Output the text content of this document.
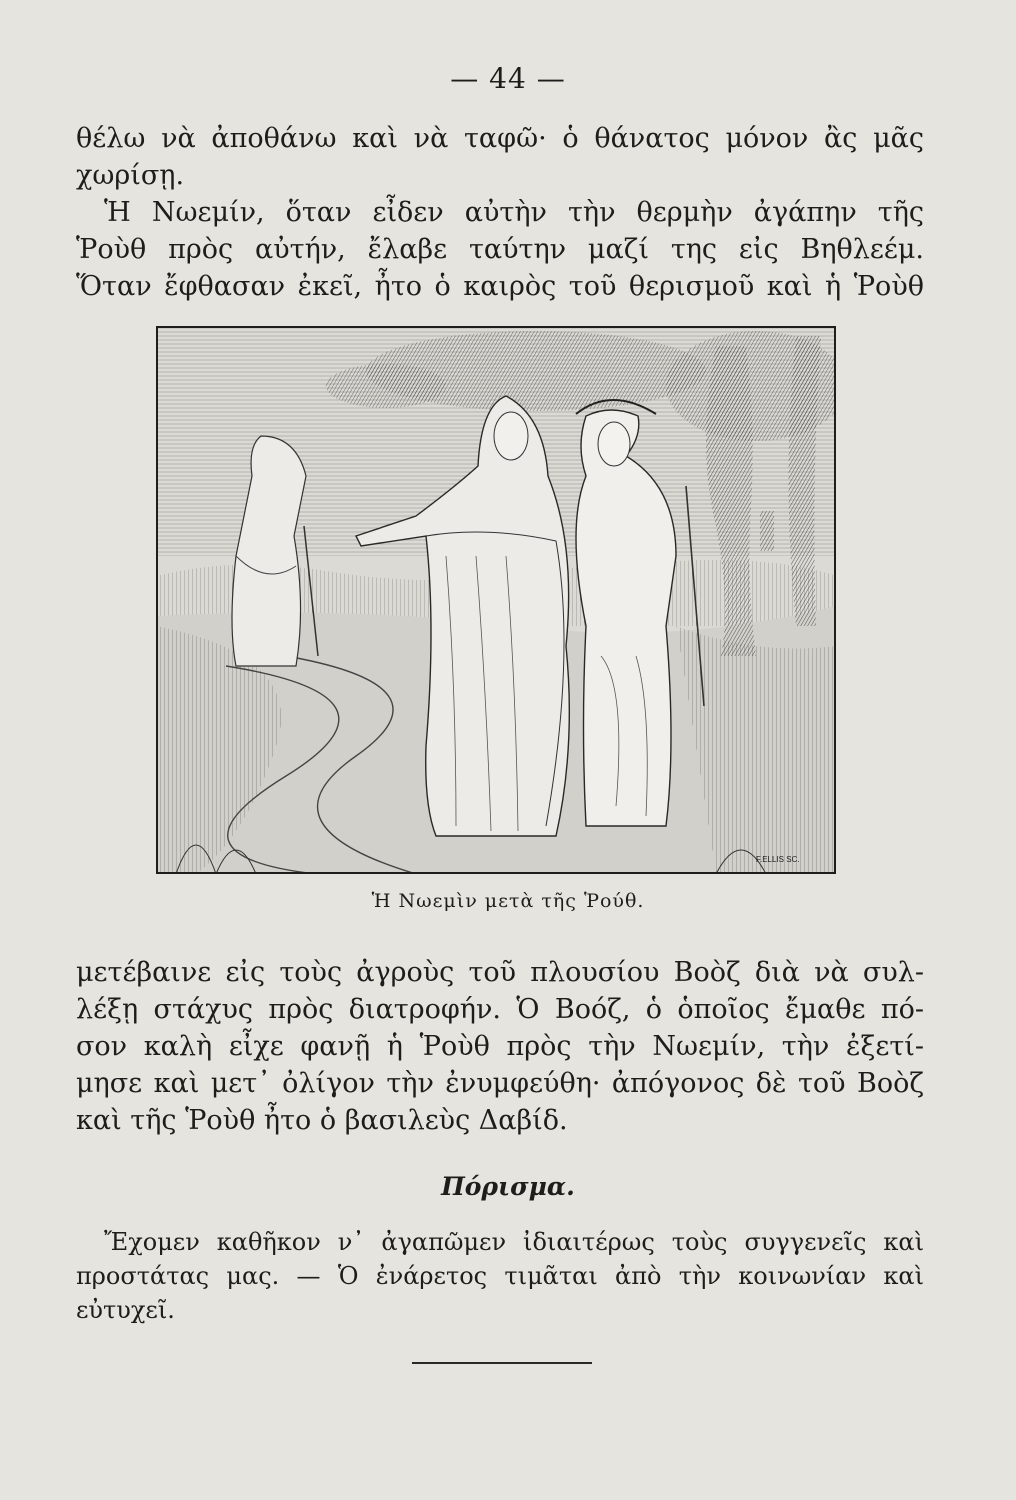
— 44 —
θέλω νὰ ἀποθάνω καὶ νὰ ταφῶ· ὁ θάνατος μόνον ἂς μᾶς
χωρίσῃ.
Ἡ Νωεμίν, ὅταν εἶδεν αὐτὴν τὴν θερμὴν ἀγάπην τῆς
Ῥοὺθ πρὸς αὐτήν, ἔλαβε ταύτην μαζί της εἰς Βηθλεέμ.
Ὅταν ἔφθασαν ἐκεῖ, ἦτο ὁ καιρὸς τοῦ θερισμοῦ καὶ ἡ Ῥοὺθ
F.ELLIS SC.
Ἡ Νωεμὶν μετὰ τῆς Ῥούθ.
μετέβαινε εἰς τοὺς ἀγροὺς τοῦ πλουσίου Βοὸζ διὰ νὰ συλ-
λέξῃ στάχυς πρὸς διατροφήν. Ὁ Βοόζ, ὁ ὁποῖος ἔμαθε πό-
σον καλὴ εἶχε φανῇ ἡ Ῥοὺθ πρὸς τὴν Νωεμίν, τὴν ἐξετί-
μησε καὶ μετ᾽ ὀλίγον τὴν ἐνυμφεύθη· ἀπόγονος δὲ τοῦ Βοὸζ
καὶ τῆς Ῥοὺθ ἦτο ὁ βασιλεὺς Δαβίδ.
Πόρισμα.
Ἔχομεν καθῆκον ν᾽ ἀγαπῶμεν ἰδιαιτέρως τοὺς συγγενεῖς καὶ
προστάτας μας. — Ὁ ἐνάρετος τιμᾶται ἀπὸ τὴν κοινωνίαν καὶ
εὐτυχεῖ.
